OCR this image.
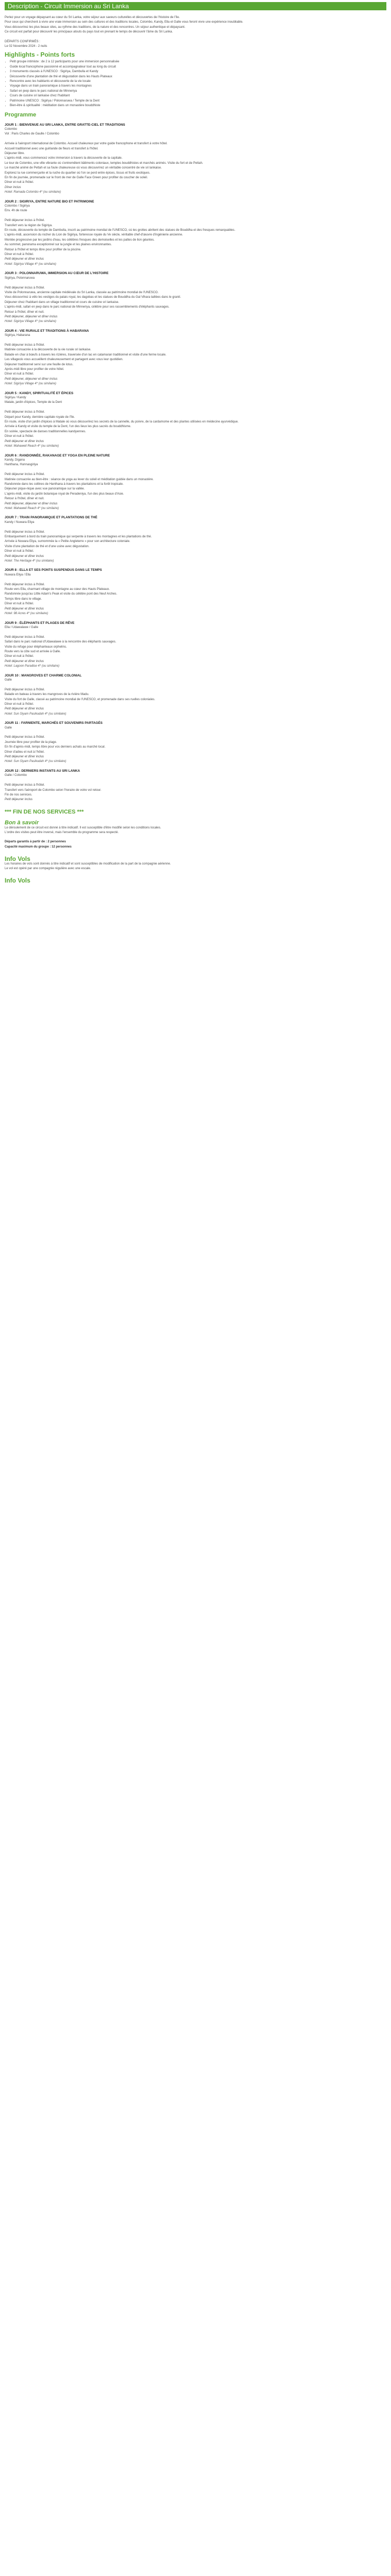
Description - Circuit Immersion au Sri Lanka
Perlez pour un voyage dépaysant au cœur du Sri Lanka, votre séjour aux saveurs culturelles et découvertes de l'histoire de l'île.
Pour ceux qui cherchent à vivre une vraie immersion au sein des cultures et des traditions locales, Colombo, Kandy, Ella et Galle vous feront vivre une expérience inoubliable.
Vous découvrirez les plus beaux sites, au rythme des traditions, de la nature et des rencontres. Un séjour authentique et dépaysant.
Ce circuit est parfait pour découvrir les principaux atouts du pays tout en prenant le temps de découvrir l'âme du Sri Lanka.
DÉPARTS CONFIRMÉS :
Le 02 Novembre 2024 - 2 nuits
Highlights - Points forts
• Petit groupe intimiste : de 2 à 12 participants pour une immersion personnalisée
• Guide local francophone passionné et accompagnateur tout au long du circuit
• 3 monuments classés à l'UNESCO : Sigiriya, Dambulla et Kandy
• Découverte d'une plantation de thé et dégustation dans les Hauts Plateaux
• Rencontre avec les habitants et découverte de la vie locale
• Voyage dans un train panoramique à travers les montagnes
• Safari en jeep dans le parc national de Minneriya
• Cours de cuisine sri lankaise chez l'habitant
• Patrimoine UNESCO : Sigiriya / Polonnaruwa / Temple de la Dent
• Bien-être & spiritualité : méditation dans un monastère bouddhiste
Programme
JOUR 1 : BIENVENUE AU SRI LANKA, ENTRE GRATTE-CIEL ET TRADITIONS
Colombo
Vol : Paris Charles de Gaulle / Colombo

Arrivée à l'aéroport international de Colombo. Accueil chaleureux par votre guide francophone et transfert à votre hôtel.
Accueil traditionnel avec une guirlande de fleurs et transfert à l'hôtel.
Déjeuner libre.
L'après-midi, vous commencez votre immersion à travers la découverte de la capitale.
Le tour de Colombo, une ville vibrante où s'entremêlent bâtiments coloniaux, temples bouddhistes et marchés animés. Visite du fort et de Pettah.
Le marché animé de Pettah et sa foule chaleureuse où vous découvrirez un véritable concentré de vie sri lankaise.
Explorez la rue commerçante et la ruche du quartier où l'on se perd entre épices, tissus et fruits exotiques.
En fin de journée, promenade sur le front de mer de Galle Face Green pour profiter du coucher de soleil.
Dîner et nuit à l'hôtel.
Dîner inclus
Hotel: Ramada Colombo 4* (ou similaire)
JOUR 2 : SIGIRIYA, ENTRE NATURE BIO ET PATRIMOINE
Colombo / Sigiriya
Env. 4h de route

Petit déjeuner inclus à l'hôtel.
Transfert vers la région de Sigiriya.
En route, découverte du temple de Dambulla, inscrit au patrimoine mondial de l'UNESCO, où les grottes abritent des statues de Bouddha et des fresques remarquables.
L'après-midi, ascension du rocher du Lion de Sigiriya, forteresse royale du Ve siècle, véritable chef-d'œuvre d'ingénierie ancienne.
Montée progressive par les jardins d'eau, les célèbres fresques des demoiselles et les pattes de lion géantes.
Au sommet, panorama exceptionnel sur la jungle et les plaines environnantes.
Retour à l'hôtel et temps libre pour profiter de la piscine.
Dîner et nuit à l'hôtel.
Petit déjeuner et dîner inclus
Hotel: Sigiriya Village 4* (ou similaire)
JOUR 3 : POLONNARUWA, IMMERSION AU CŒUR DE L'HISTOIRE
Sigiriya, Polonnaruwa

Petit déjeuner inclus à l'hôtel.
Visite de Polonnaruwa, ancienne capitale médiévale du Sri Lanka, classée au patrimoine mondial de l'UNESCO.
Vous découvrirez à vélo les vestiges du palais royal, les dagobas et les statues de Bouddha du Gal Vihara taillées dans le granit.
Déjeuner chez l'habitant dans un village traditionnel et cours de cuisine sri lankaise.
L'après-midi, safari en jeep dans le parc national de Minneriya, célèbre pour ses rassemblements d'éléphants sauvages.
Retour à l'hôtel, dîner et nuit.
Petit déjeuner, déjeuner et dîner inclus
Hotel: Sigiriya Village 4* (ou similaire)
JOUR 4 : VIE RURALE ET TRADITIONS À HABARANA
Sigiriya, Habarana

Petit déjeuner inclus à l'hôtel.
Matinée consacrée à la découverte de la vie rurale sri lankaise.
Balade en char à bœufs à travers les rizières, traversée d'un lac en catamaran traditionnel et visite d'une ferme locale.
Les villageois vous accueillent chaleureusement et partagent avec vous leur quotidien.
Déjeuner traditionnel servi sur une feuille de lotus.
Après-midi libre pour profiter de votre hôtel.
Dîner et nuit à l'hôtel.
Petit déjeuner, déjeuner et dîner inclus
Hotel: Sigiriya Village 4* (ou similaire)
JOUR 5 : KANDY, SPIRITUALITÉ ET ÉPICES
Sigiriya / Kandy
Matale, jardin d'épices, Temple de la Dent

Petit déjeuner inclus à l'hôtel.
Départ pour Kandy, dernière capitale royale de l'île.
En route, visite d'un jardin d'épices à Matale où vous découvrirez les secrets de la cannelle, du poivre, de la cardamome et des plantes utilisées en médecine ayurvédique.
Arrivée à Kandy et visite du temple de la Dent, l'un des lieux les plus sacrés du bouddhisme.
En soirée, spectacle de danses traditionnelles kandyennes.
Dîner et nuit à l'hôtel.
Petit déjeuner et dîner inclus
Hotel: Mahaweli Reach 4* (ou similaire)
JOUR 6 : RANDONNÉE, RAKANAGE ET YOGA EN PLEINE NATURE
Kandy, Digana
Hanthana, Hunnasgiriya

Petit déjeuner inclus à l'hôtel.
Matinée consacrée au bien-être : séance de yoga au lever du soleil et méditation guidée dans un monastère.
Randonnée dans les collines de Hanthana à travers les plantations et la forêt tropicale.
Déjeuner pique-nique avec vue panoramique sur la vallée.
L'après-midi, visite du jardin botanique royal de Peradeniya, l'un des plus beaux d'Asie.
Retour à l'hôtel, dîner et nuit.
Petit déjeuner, déjeuner et dîner inclus
Hotel: Mahaweli Reach 4* (ou similaire)
JOUR 7 : TRAIN PANORAMIQUE ET PLANTATIONS DE THÉ
Kandy / Nuwara Eliya

Petit déjeuner inclus à l'hôtel.
Embarquement à bord du train panoramique qui serpente à travers les montagnes et les plantations de thé.
Arrivée à Nuwara Eliya, surnommée la « Petite Angleterre » pour son architecture coloniale.
Visite d'une plantation de thé et d'une usine avec dégustation.
Dîner et nuit à l'hôtel.
Petit déjeuner et dîner inclus
Hotel: The Heritage 4* (ou similaire)
JOUR 8 : ELLA ET SES PONTS SUSPENDUS DANS LE TEMPS
Nuwara Eliya / Ella

Petit déjeuner inclus à l'hôtel.
Route vers Ella, charmant village de montagne au cœur des Hauts Plateaux.
Randonnée jusqu'au Little Adam's Peak et visite du célèbre pont des Neuf Arches.
Temps libre dans le village.
Dîner et nuit à l'hôtel.
Petit déjeuner et dîner inclus
Hotel: 98 Acres 4* (ou similaire)
JOUR 9 : ÉLÉPHANTS ET PLAGES DE RÊVE
Ella / Udawalawe / Galle

Petit déjeuner inclus à l'hôtel.
Safari dans le parc national d'Udawalawe à la rencontre des éléphants sauvages.
Visite du refuge pour éléphanteaux orphelins.
Route vers la côte sud et arrivée à Galle.
Dîner et nuit à l'hôtel.
Petit déjeuner et dîner inclus
Hotel: Lagoon Paradise 4* (ou similaire)
JOUR 10 : MANGROVES ET CHARME COLONIAL
Galle

Petit déjeuner inclus à l'hôtel.
Balade en bateau à travers les mangroves de la rivière Madu.
Visite du fort de Galle, classé au patrimoine mondial de l'UNESCO, et promenade dans ses ruelles coloniales.
Dîner et nuit à l'hôtel.
Petit déjeuner et dîner inclus
Hotel: Sun Siyam Pasikudah 4* (ou similaire)
JOUR 11 : FARNIENTE, MARCHÉS ET SOUVENIRS PARTAGÉS
Galle

Petit déjeuner inclus à l'hôtel.
Journée libre pour profiter de la plage.
En fin d'après-midi, temps libre pour vos derniers achats au marché local.
Dîner d'adieu et nuit à l'hôtel.
Petit déjeuner et dîner inclus
Hotel: Sun Siyam Pasikudah 4* (ou similaire)
JOUR 12 : DERNIERS INSTANTS AU SRI LANKA
Galle / Colombo

Petit déjeuner inclus à l'hôtel.
Transfert vers l'aéroport de Colombo selon l'horaire de votre vol retour.
Fin de nos services.
Petit déjeuner inclus
*** FIN DE NOS SERVICES ***
Bon à savoir
Le déroulement de ce circuit est donné à titre indicatif. Il est susceptible d'être modifié selon les conditions locales.
L'ordre des visites peut être inversé, mais l'ensemble du programme sera respecté.
Départs garantis à partir de : 2 personnes
Capacité maximum du groupe : 12 personnes
Info Vols
Les horaires de vols sont donnés à titre indicatif et sont susceptibles de modification de la part de la compagnie aérienne.
Le vol est opéré par une compagnie régulière avec une escale.
Info Vols
